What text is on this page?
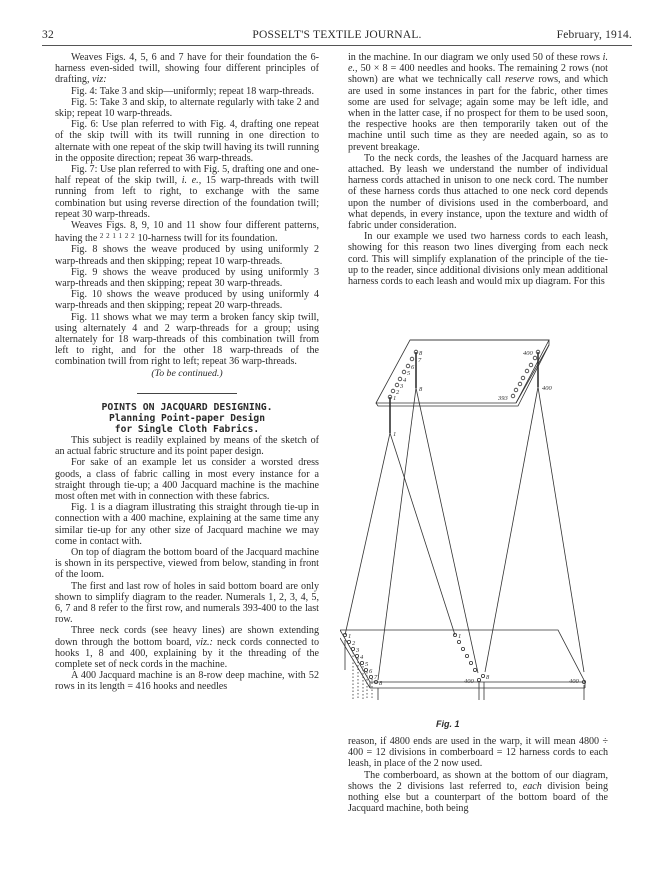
32	POSSELT'S TEXTILE JOURNAL.	February, 1914.

Weaves Figs. 4, 5, 6 and 7 have for their foundation the 6-harness even-sided twill, showing four different principles of drafting, viz:

Fig. 4: Take 3 and skip—uniformly; repeat 18 warp-threads.

Fig. 5: Take 3 and skip, to alternate regularly with take 2 and skip; repeat 10 warp-threads.

Fig. 6: Use plan referred to with Fig. 4, drafting one repeat of the skip twill with its twill running in one direction to alternate with one repeat of the skip twill having its twill running in the opposite direction; repeat 36 warp-threads.

Fig. 7: Use plan referred to with Fig. 5, drafting one and one-half repeat of the skip twill, i. e., 15 warp-threads with twill running from left to right, to exchange with the same combination but using reverse direction of the foundation twill; repeat 30 warp-threads.

Weaves Figs. 8, 9, 10 and 11 show four different patterns, having the $^{2 2 1 1 2 2}$ 10-harness twill for its foundation.

Fig. 8 shows the weave produced by using uniformly 2 warp-threads and then skipping; repeat 10 warp-threads.

Fig. 9 shows the weave produced by using uniformly 3 warp-threads and then skipping; repeat 30 warp-threads.

Fig. 10 shows the weave produced by using uniformly 4 warp-threads and then skipping; repeat 20 warp-threads.

Fig. 11 shows what we may term a broken fancy skip twill, using alternately 4 and 2 warp-threads for a group; using alternately for 18 warp-threads of this combination twill from left to right, and for the other 18 warp-threads of the combination twill from right to left; repeat 36 warp-threads.

(To be continued.)
POINTS ON JACQUARD DESIGNING.
Planning Point-paper Design
for Single Cloth Fabrics.

This subject is readily explained by means of the sketch of an actual fabric structure and its point paper design.

For sake of an example let us consider a worsted dress goods, a class of fabric calling in most every instance for a straight through tie-up; a 400 Jacquard machine is the machine most often met with in connection with these fabrics.

Fig. 1 is a diagram illustrating this straight through tie-up in connection with a 400 machine, explaining at the same time any similar tie-up for any other size of Jacquard machine we may come in contact with.

On top of diagram the bottom board of the Jacquard machine is shown in its perspective, viewed from below, standing in front of the loom.

The first and last row of holes in said bottom board are only shown to simplify diagram to the reader. Numerals 1, 2, 3, 4, 5, 6, 7 and 8 refer to the first row, and numerals 393-400 to the last row.

Three neck cords (see heavy lines) are shown extending down through the bottom board, viz.: neck cords connected to hooks 1, 8 and 400, explaining by it the threading of the complete set of neck cords in the machine.

A 400 Jacquard machine is an 8-row deep machine, with 52 rows in its length = 416 hooks and needles

in the machine. In our diagram we only used 50 of these rows i. e., 50 × 8 = 400 needles and hooks. The remaining 2 rows (not shown) are what we technically call reserve rows, and which are used in some instances in part for the fabric, other times some are used for selvage; again some may be left idle, and when in the latter case, if no prospect for them to be used soon, the respective hooks are then temporarily taken out of the machine until such time as they are needed again, so as to prevent breakage.

To the neck cords, the leashes of the Jacquard harness are attached. By leash we understand the number of individual harness cords attached in unison to one neck cord. The number of these harness cords thus attached to one neck cord depends upon the number of divisions used in the comberboard, and what depends, in every instance, upon the texture and width of fabric under consideration.

In our example we used two harness cords to each leash, showing for this reason two lines diverging from each neck cord. This will simplify explanation of the principle of the tie-up to the reader, since additional divisions only mean additional harness cords to each leash and would mix up diagram. For this

1
2
3
4
5
6
7
8
393
400
1
8	400
1
2
3
4
5
6
7
8
1
8
400	400
Fig. 1

reason, if 4800 ends are used in the warp, it will mean 4800 ÷ 400 = 12 divisions in comberboard = 12 harness cords to each leash, in place of the 2 now used.

The comberboard, as shown at the bottom of our diagram, shows the 2 divisions last referred to, each division being nothing else but a counterpart of the bottom board of the Jacquard machine, both being
